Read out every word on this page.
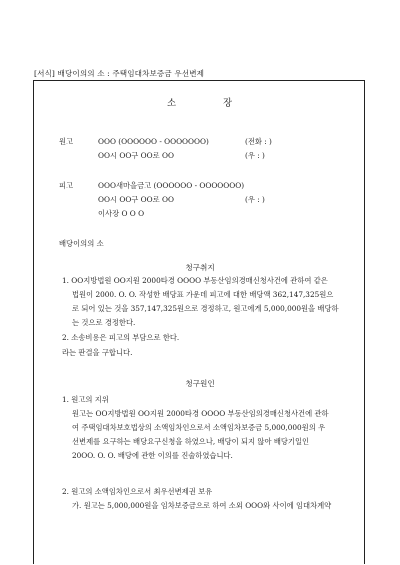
[서식] 배당이의의 소 : 주택임대차보증금 우선변제
소	장
원고	OOO (OOOOOO - OOOOOOO)	(전화 : )
OO시 OO구 OO로 OO	(우 : )
피고	OOO새마을금고 (OOOOOO - OOOOOOO)
OO시 OO구 OO로 OO	(우 : )
이사장 O O O
배당이의의 소
청구취지
1. OO지방법원 OO지원 2000타경 OOOO 부동산임의경매신청사건에 관하여 같은
법원이 2000. O. O. 작성한 배당표 가운데 피고에 대한 배당액 362,147,325원으
로 되어 있는 것을 357,147,325원으로 경정하고, 원고에게 5,000,000원을 배당하
는 것으로 경정한다.
2. 소송비용은 피고의 부담으로 한다.
라는 판결을 구합니다.
청구원인
1. 원고의 지위
원고는 OO지방법원 OO지원 2000타경 OOOO 부동산임의경매신청사건에 관하
여 주택임대차보호법상의 소액임차인으로서 소액임차보증금 5,000,000원의 우
선변제를 요구하는 배당요구신청을 하였으나, 배당이 되지 않아 배당기일인
20OO. O. O. 배당에 관한 이의를 진술하였습니다.
2. 원고의 소액임차인으로서 최우선변제권 보유
가. 원고는 5,000,000원을 임차보증금으로 하여 소외 OOO와 사이에 임대차계약
